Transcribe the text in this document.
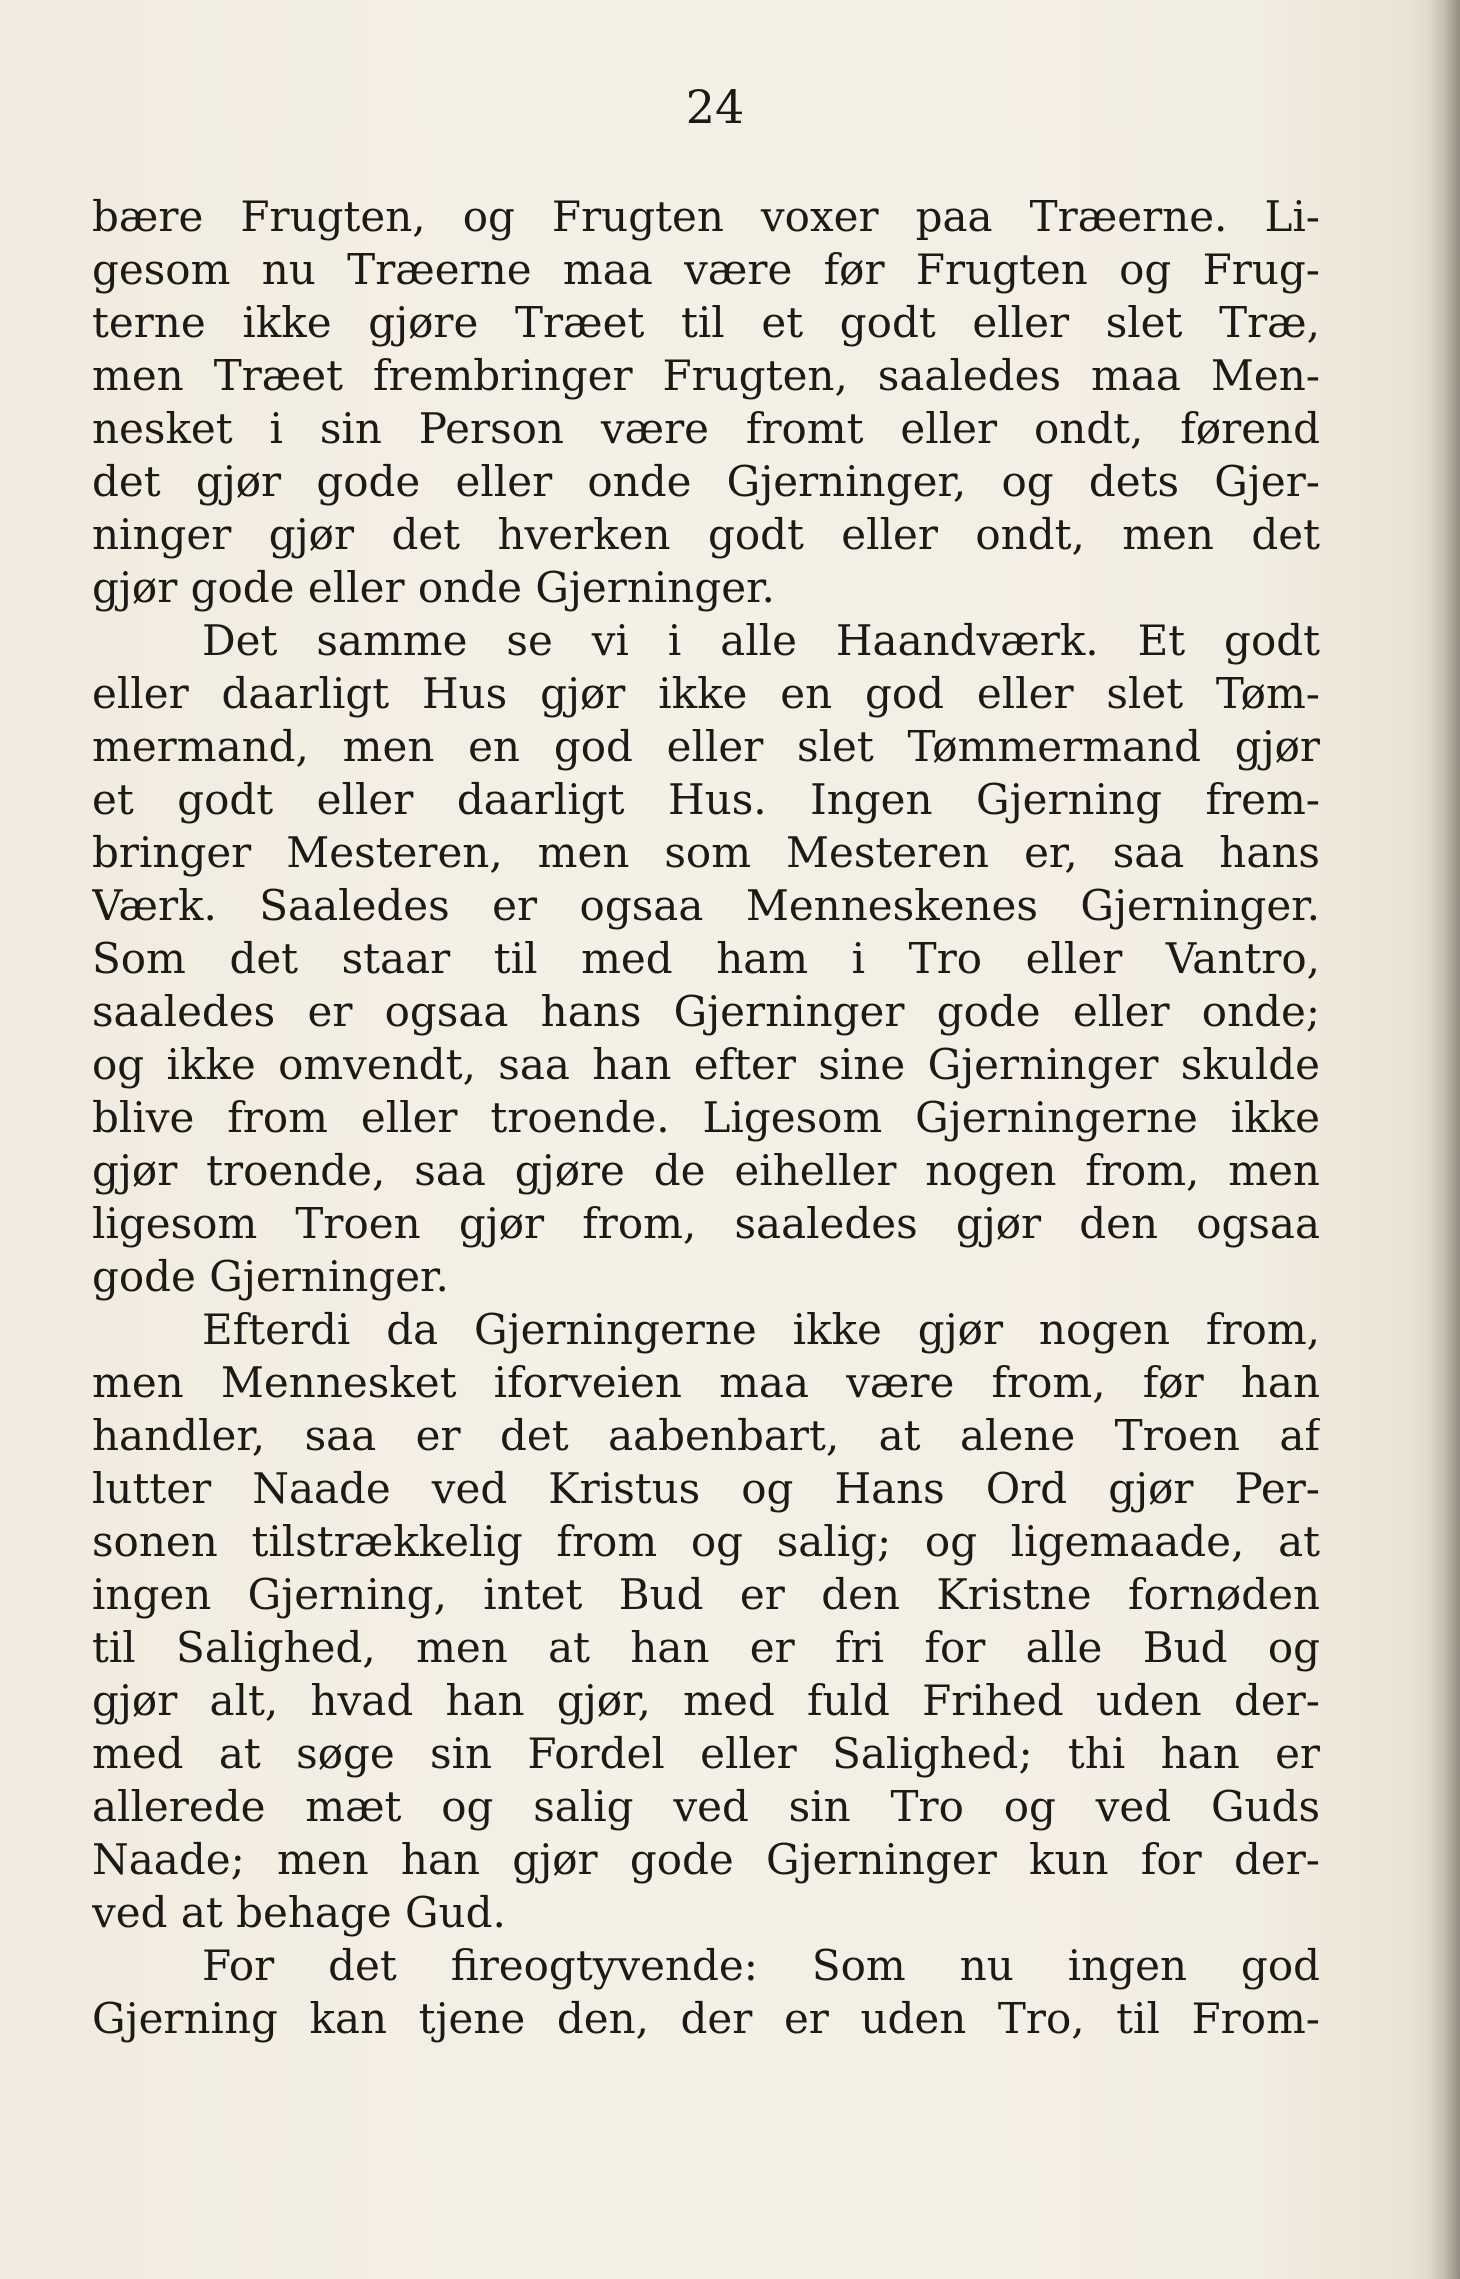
24
bære Frugten, og Frugten voxer paa Træerne. Li-
gesom nu Træerne maa være før Frugten og Frug-
terne ikke gjøre Træet til et godt eller slet Træ,
men Træet frembringer Frugten, saaledes maa Men-
nesket i sin Person være fromt eller ondt, førend
det gjør gode eller onde Gjerninger, og dets Gjer-
ninger gjør det hverken godt eller ondt, men det
gjør gode eller onde Gjerninger.
Det samme se vi i alle Haandværk. Et godt
eller daarligt Hus gjør ikke en god eller slet Tøm-
mermand, men en god eller slet Tømmermand gjør
et godt eller daarligt Hus. Ingen Gjerning frem-
bringer Mesteren, men som Mesteren er, saa hans
Værk. Saaledes er ogsaa Menneskenes Gjerninger.
Som det staar til med ham i Tro eller Vantro,
saaledes er ogsaa hans Gjerninger gode eller onde;
og ikke omvendt, saa han efter sine Gjerninger skulde
blive from eller troende. Ligesom Gjerningerne ikke
gjør troende, saa gjøre de eiheller nogen from, men
ligesom Troen gjør from, saaledes gjør den ogsaa
gode Gjerninger.
Efterdi da Gjerningerne ikke gjør nogen from,
men Mennesket iforveien maa være from, før han
handler, saa er det aabenbart, at alene Troen af
lutter Naade ved Kristus og Hans Ord gjør Per-
sonen tilstrækkelig from og salig; og ligemaade, at
ingen Gjerning, intet Bud er den Kristne fornøden
til Salighed, men at han er fri for alle Bud og
gjør alt, hvad han gjør, med fuld Frihed uden der-
med at søge sin Fordel eller Salighed; thi han er
allerede mæt og salig ved sin Tro og ved Guds
Naade; men han gjør gode Gjerninger kun for der-
ved at behage Gud.
For det fireogtyvende: Som nu ingen god
Gjerning kan tjene den, der er uden Tro, til From-
